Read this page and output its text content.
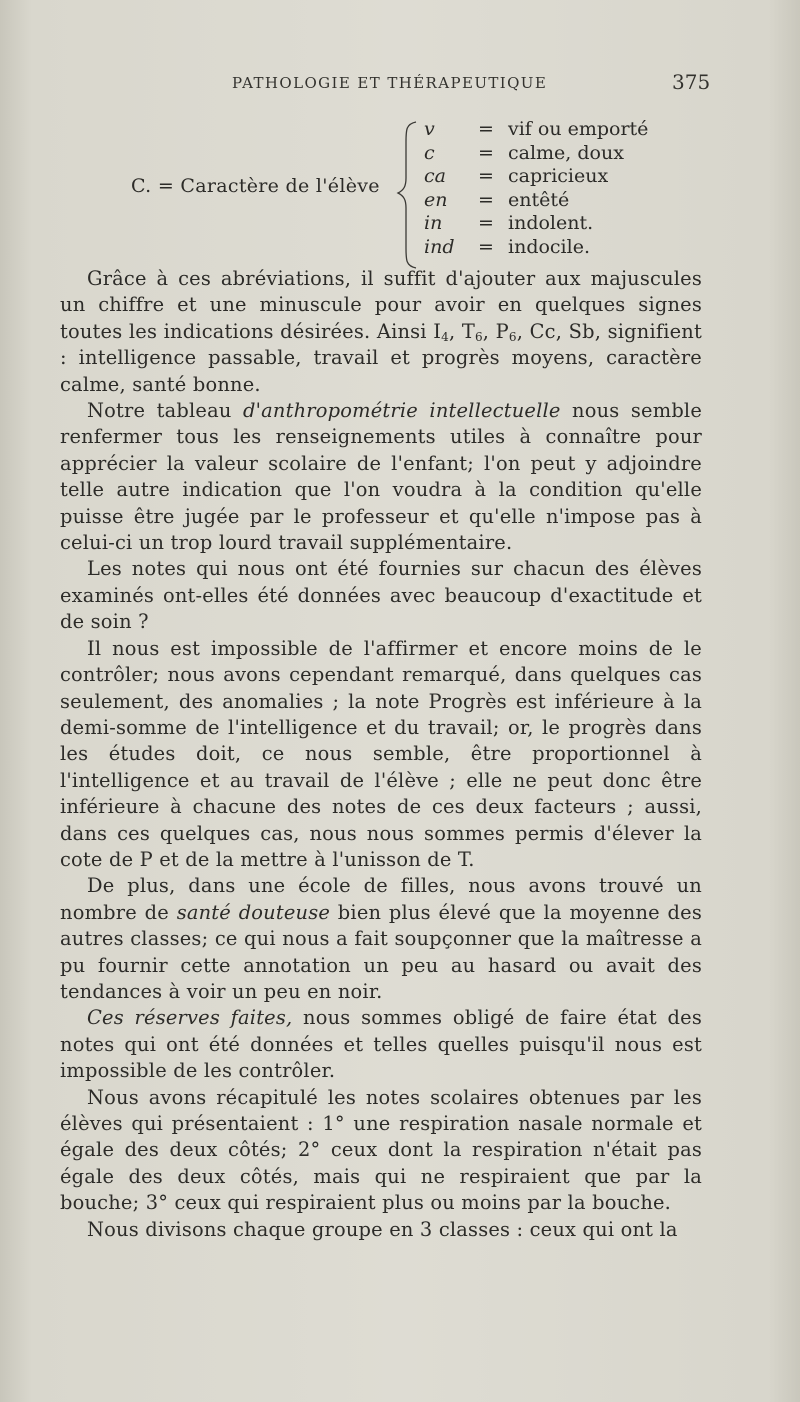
PATHOLOGIE ET THÉRAPEUTIQUE	375
C. = Caractère de l'élève
v = vif ou emporté
c = calme, doux
ca = capricieux
en = entêté
in = indolent.
ind = indocile.

Grâce à ces abréviations, il suffit d'ajouter aux majuscules un chiffre et une minuscule pour avoir en quelques signes toutes les indications désirées. Ainsi $I_4$, $T_6$, $P_6$, Cc, Sb, signifient : intelligence passable, travail et progrès moyens, caractère calme, santé bonne.

Notre tableau d'anthropométrie intellectuelle nous semble renfermer tous les renseignements utiles à connaître pour apprécier la valeur scolaire de l'enfant; l'on peut y adjoindre telle autre indication que l'on voudra à la condition qu'elle puisse être jugée par le professeur et qu'elle n'impose pas à celui-ci un trop lourd travail supplémentaire.

Les notes qui nous ont été fournies sur chacun des élèves examinés ont-elles été données avec beaucoup d'exactitude et de soin ?

Il nous est impossible de l'affirmer et encore moins de le contrôler; nous avons cependant remarqué, dans quelques cas seulement, des anomalies ; la note Progrès est inférieure à la demi-somme de l'intelligence et du travail; or, le progrès dans les études doit, ce nous semble, être proportionnel à l'intelligence et au travail de l'élève ; elle ne peut donc être inférieure à chacune des notes de ces deux facteurs ; aussi, dans ces quelques cas, nous nous sommes permis d'élever la cote de P et de la mettre à l'unisson de T.

De plus, dans une école de filles, nous avons trouvé un nombre de santé douteuse bien plus élevé que la moyenne des autres classes; ce qui nous a fait soupçonner que la maîtresse a pu fournir cette annotation un peu au hasard ou avait des tendances à voir un peu en noir.

Ces réserves faites, nous sommes obligé de faire état des notes qui ont été données et telles quelles puisqu'il nous est impossible de les contrôler.

Nous avons récapitulé les notes scolaires obtenues par les élèves qui présentaient : 1° une respiration nasale normale et égale des deux côtés; 2° ceux dont la respiration n'était pas égale des deux côtés, mais qui ne respiraient que par la bouche; 3° ceux qui respiraient plus ou moins par la bouche.

Nous divisons chaque groupe en 3 classes : ceux qui ont la
